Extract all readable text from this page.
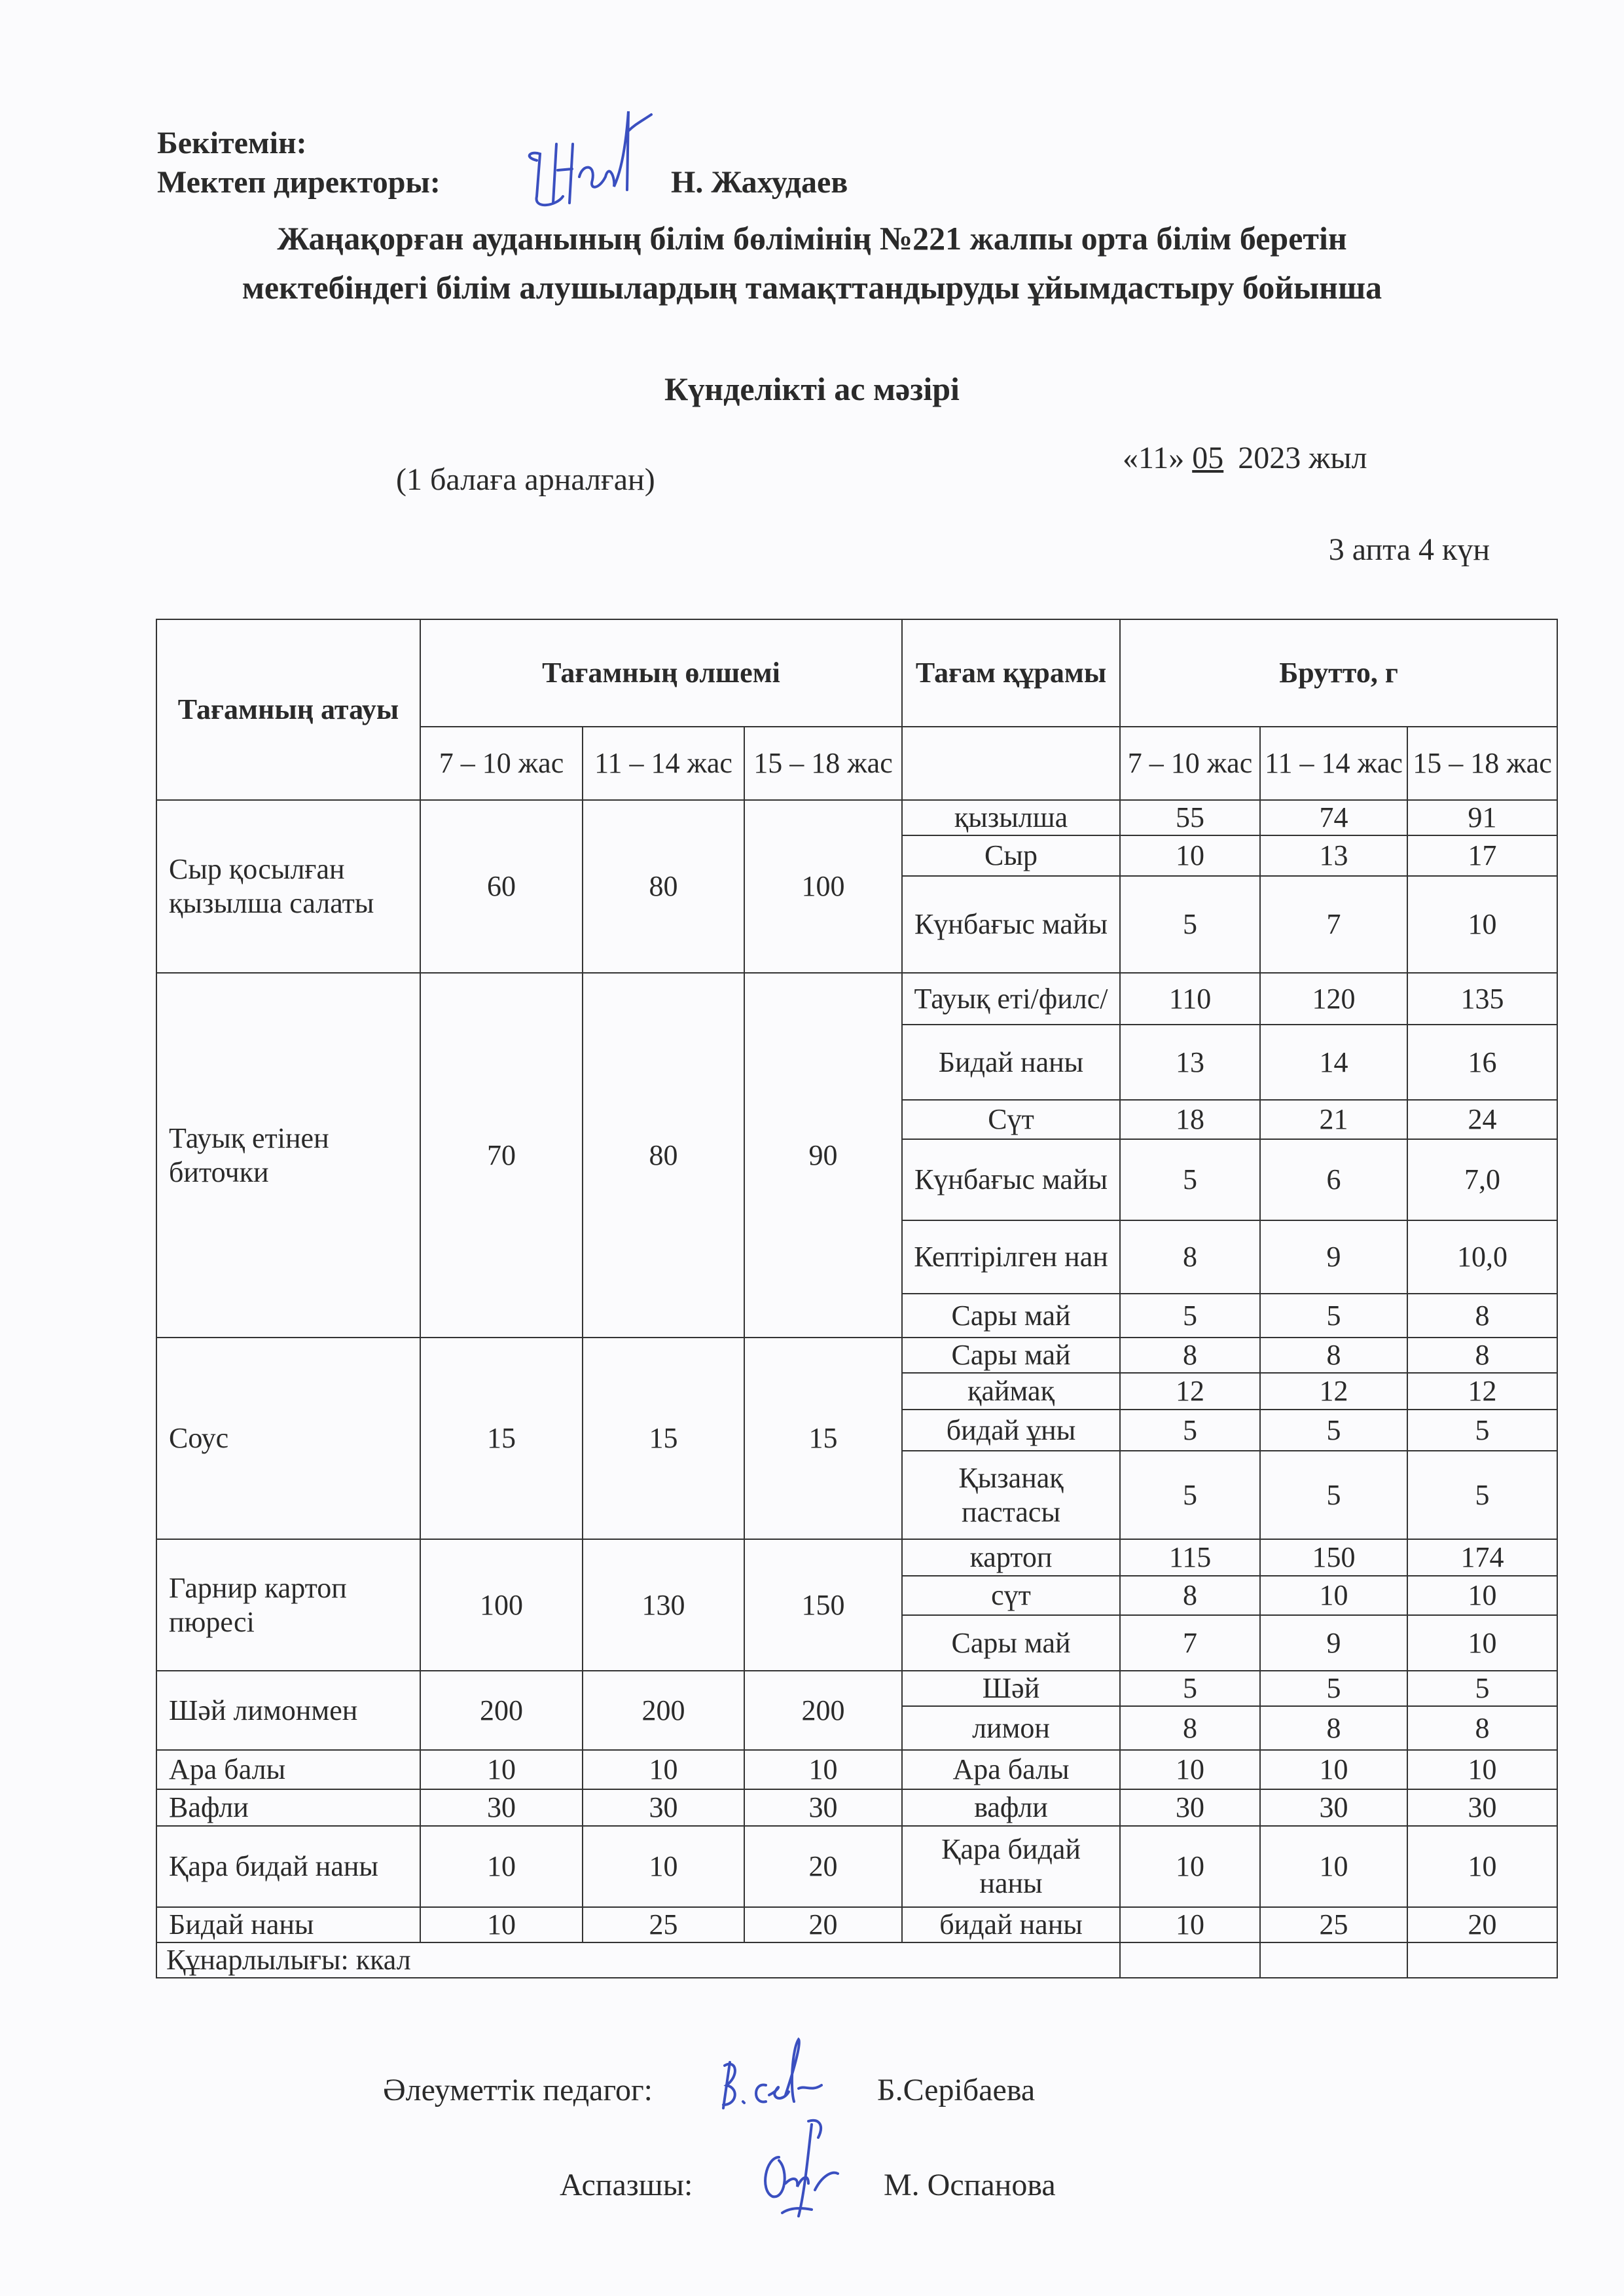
Бекітемін:
Мектеп директоры:	Н. Жахудаев
Жаңақорған ауданының білім бөлімінің №221 жалпы орта білім беретін
мектебіндегі білім алушылардың тамақттандыруды ұйымдастыру бойынша
Күнделікті ас мәзірі
(1 балаға арналған)
«11» 05 2023 жыл
3 апта 4 күн
Тағамның атауы	Тағамның өлшемі			Тағам құрамы	Брутто, г		
	7 – 10 жас	11 – 14 жас	15 – 18 жас		7 – 10 жас	11 – 14 жас	15 – 18 жас
Сыр қосылған қызылша салаты	60	80	100	қызылша	55	74	91
				Сыр	10	13	17
				Күнбағыс майы	5	7	10
Тауық етінен биточки	70	80	90	Тауық еті/филс/	110	120	135
				Бидай наны	13	14	16
				Сүт	18	21	24
				Күнбағыс майы	5	6	7,0
				Кептірілген нан	8	9	10,0
				Сары май	5	5	8
Соус	15	15	15	Сары май	8	8	8
				қаймақ	12	12	12
				бидай ұны	5	5	5
				Қызанақ пастасы	5	5	5
Гарнир картоп пюресі	100	130	150	картоп	115	150	174
				сүт	8	10	10
				Сары май	7	9	10
Шәй лимонмен	200	200	200	Шәй	5	5	5
				лимон	8	8	8
Ара балы	10	10	10	Ара балы	10	10	10
Вафли	30	30	30	вафли	30	30	30
Қара бидай наны	10	10	20	Қара бидай наны	10	10	10
Бидай наны	10	25	20	бидай наны	10	25	20
Құнарлылығы: ккал							
Әлеуметтік педагог:	Б.Серібаева
Аспазшы:	М. Оспанова
